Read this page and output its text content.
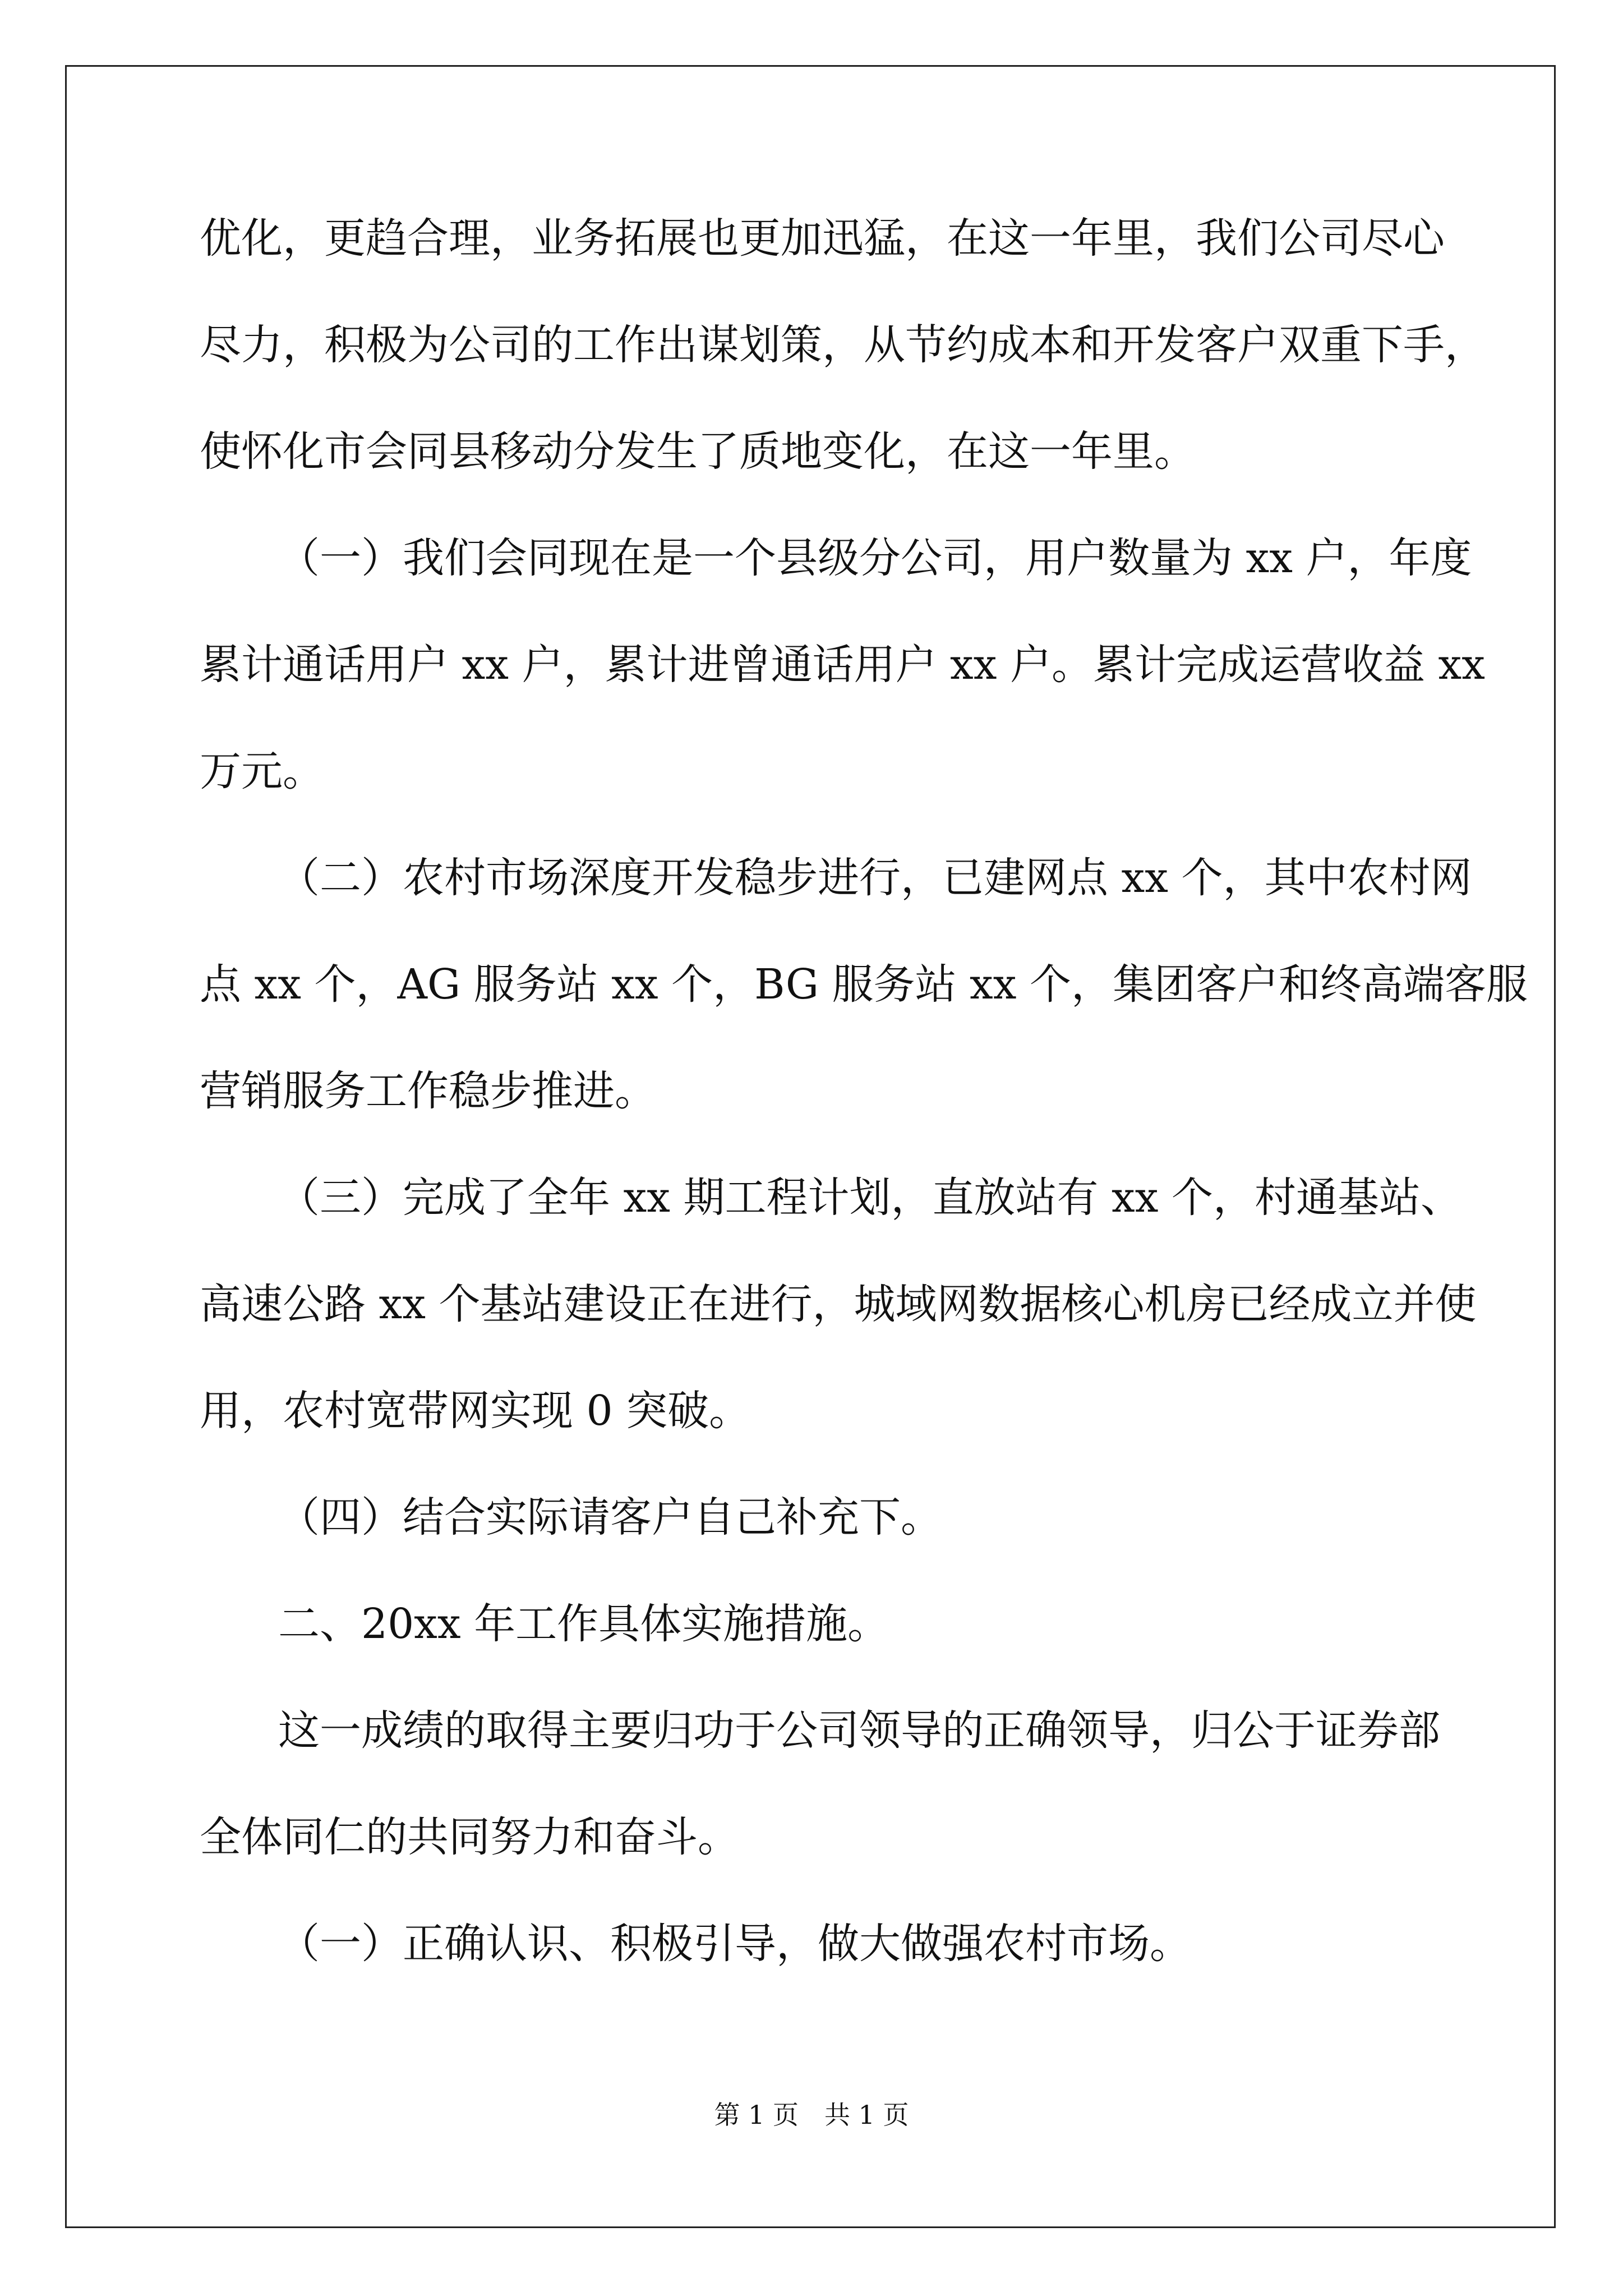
优化，更趋合理，业务拓展也更加迅猛，在这一年里，我们公司尽心
尽力，积极为公司的工作出谋划策，从节约成本和开发客户双重下手，
使怀化市会同县移动分发生了质地变化，在这一年里。
（一）我们会同现在是一个县级分公司，用户数量为 xx 户，年度
累计通话用户 xx 户，累计进曾通话用户 xx 户。累计完成运营收益 xx
万元。
（二）农村市场深度开发稳步进行，已建网点 xx 个，其中农村网
点 xx 个，AG 服务站 xx 个，BG 服务站 xx 个，集团客户和终高端客服
营销服务工作稳步推进。
（三）完成了全年 xx 期工程计划，直放站有 xx 个，村通基站、
高速公路 xx 个基站建设正在进行，城域网数据核心机房已经成立并使
用，农村宽带网实现 0 突破。
（四）结合实际请客户自己补充下。
二、20xx 年工作具体实施措施。
这一成绩的取得主要归功于公司领导的正确领导，归公于证券部
全体同仁的共同努力和奋斗。
（一）正确认识、积极引导，做大做强农村市场。
第 1 页　共 1 页
